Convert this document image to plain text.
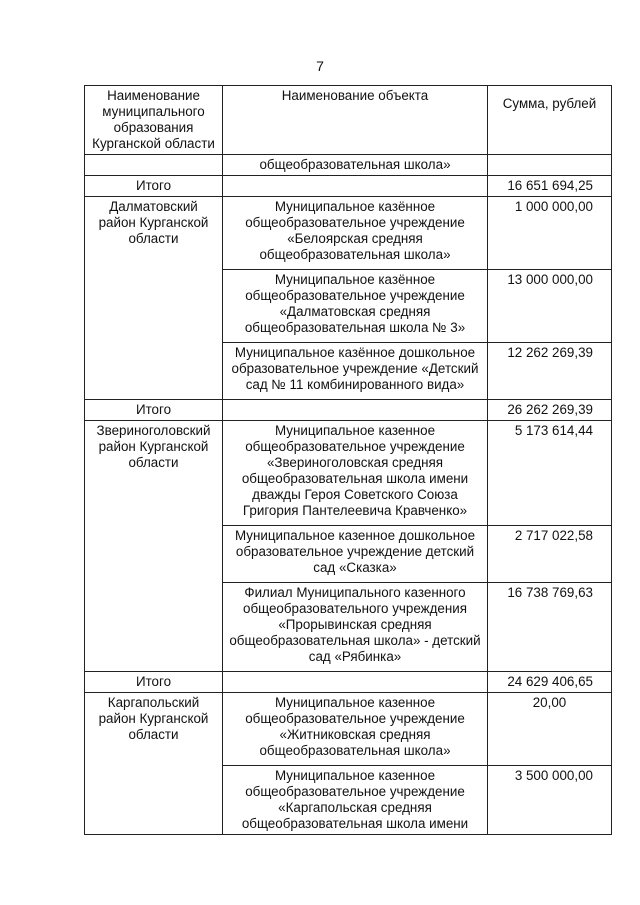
7
Наименование муниципального образования Курганской области	Наименование объекта	Сумма, рублей
	общеобразовательная школа»	
Итого		16 651 694,25
Далматовский район Курганской области	Муниципальное казённое общеобразовательное учреждение «Белоярская средняя общеобразовательная школа»	1 000 000,00
	Муниципальное казённое общеобразовательное учреждение «Далматовская средняя общеобразовательная школа № 3»	13 000 000,00
	Муниципальное казённое дошкольное образовательное учреждение «Детский сад № 11 комбинированного вида»	12 262 269,39
Итого		26 262 269,39
Звериноголовский район Курганской области	Муниципальное казенное общеобразовательное учреждение «Звериноголовская средняя общеобразовательная школа имени дважды Героя Советского Союза Григория Пантелеевича Кравченко»	5 173 614,44
	Муниципальное казенное дошкольное образовательное учреждение детский сад «Сказка»	2 717 022,58
	Филиал Муниципального казенного общеобразовательного учреждения «Прорывинская средняя общеобразовательная школа» - детский сад «Рябинка»	16 738 769,63
Итого		24 629 406,65
Каргапольский район Курганской области	Муниципальное казенное общеобразовательное учреждение «Житниковская средняя общеобразовательная школа»	20,00
	Муниципальное казенное общеобразовательное учреждение «Каргапольская средняя общеобразовательная школа имени	3 500 000,00
